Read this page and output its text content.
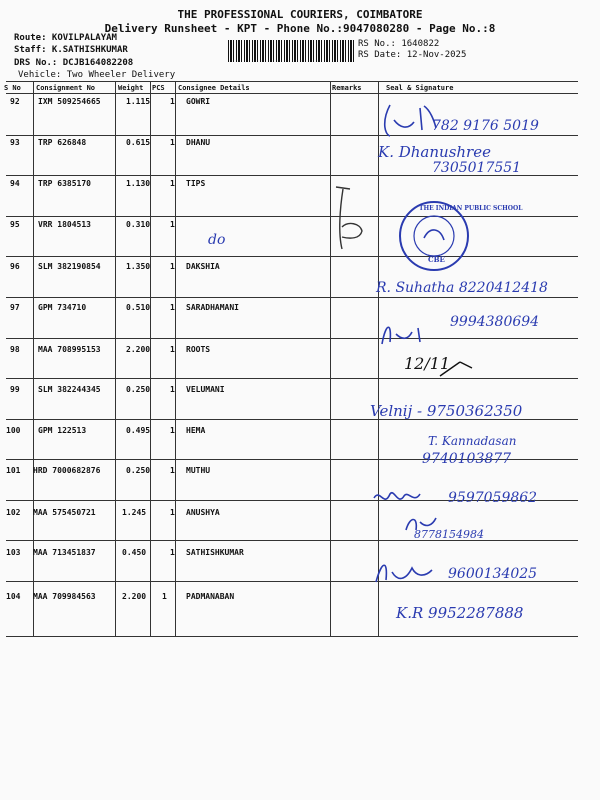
THE PROFESSIONAL COURIERS, COIMBATORE
Delivery Runsheet - KPT - Phone No.:9047080280 - Page No.:8
Route: KOVILPALAYAM
Staff: K.SATHISHKUMAR
DRS No.: DCJB164082208
Vehicle: Two Wheeler Delivery
RS No.: 1640822
RS Date: 12-Nov-2025
S No Consignment No	Weight PCS Consignee Details	Remarks	Seal & Signature
92 IXM 509254665	1.115 1 GOWRI
93 TRP 626848	0.615 1 DHANU
94 TRP 6385170	1.130 1 TIPS
95 VRR 1804513	0.310 1
96 SLM 382190854	1.350 1 DAKSHIA
97 GPM 734710	0.510 1 SARADHAMANI
98 MAA 708995153	2.200 1 ROOTS
99 SLM 382244345	0.250 1 VELUMANI
100 GPM 122513	0.495 1 HEMA
101 HRD 7000682876	0.250 1 MUTHU
102 MAA 575450721	1.245	1 ANUSHYA
103 MAA 713451837	0.450	1 SATHISHKUMAR
104 MAA 709984563	2.200 1 PADMANABAN
782 9176 5019
K. Dhanushree
7305017551
do
THE INDIAN PUBLIC SCHOOL
CBE
R. Suhatha 8220412418
9994380694
12/11
Velnij - 9750362350
T. Kannadasan
9740103877
9597059862
8778154984
9600134025
K.R 9952287888
